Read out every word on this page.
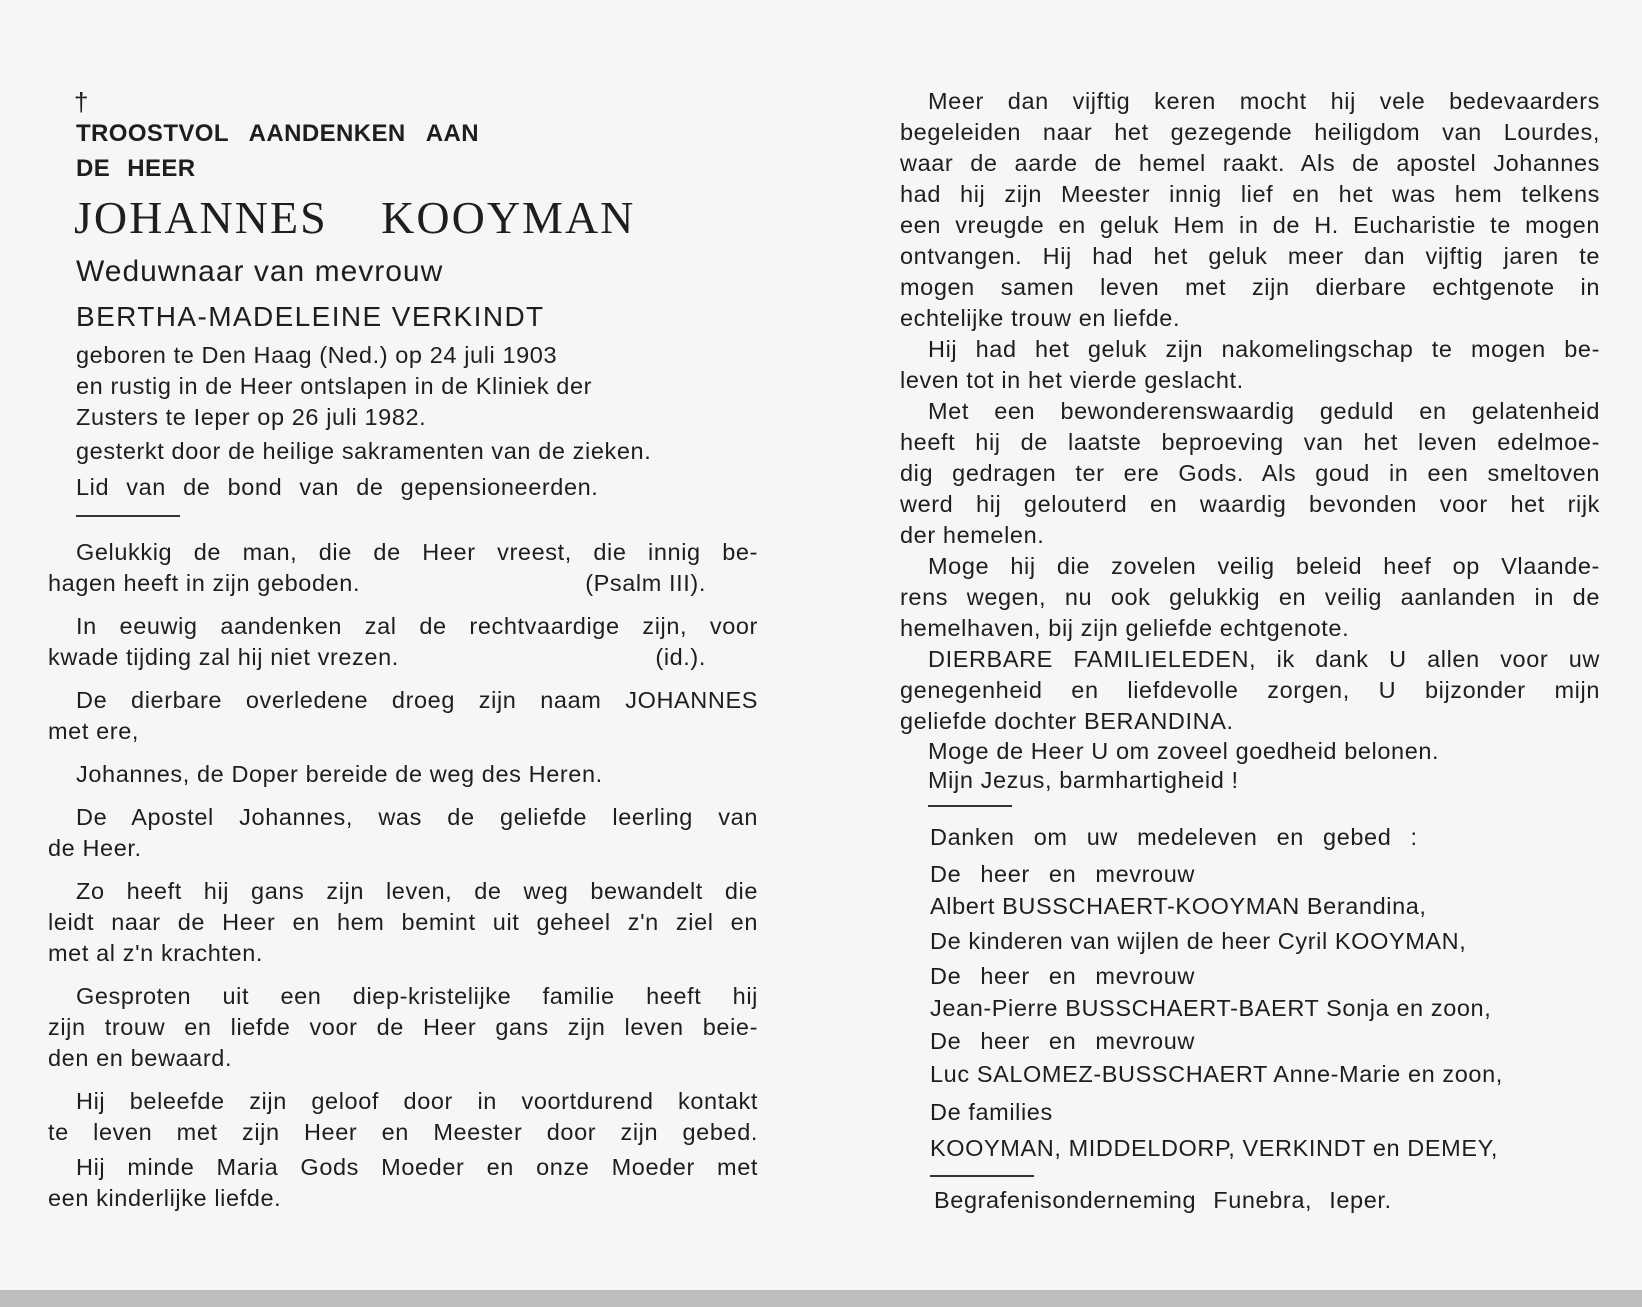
†
TROOSTVOL AANDENKEN AAN
DE HEER
JOHANNES KOOYMAN
Weduwnaar van mevrouw
BERTHA-MADELEINE VERKINDT
geboren te Den Haag (Ned.) op 24 juli 1903
en rustig in de Heer ontslapen in de Kliniek der
Zusters te Ieper op 26 juli 1982.
gesterkt door de heilige sakramenten van de zieken.
Lid van de bond van de gepensioneerden.
Gelukkig de man, die de Heer vreest, die innig be-
hagen heeft in zijn geboden.	(Psalm III).
In eeuwig aandenken zal de rechtvaardige zijn, voor
kwade tijding zal hij niet vrezen.	(id.).
De dierbare overledene droeg zijn naam JOHANNES
met ere,
Johannes, de Doper bereide de weg des Heren.
De Apostel Johannes, was de geliefde leerling van
de Heer.
Zo heeft hij gans zijn leven, de weg bewandelt die
leidt naar de Heer en hem bemint uit geheel z'n ziel en
met al z'n krachten.
Gesproten uit een diep-kristelijke familie heeft hij
zijn trouw en liefde voor de Heer gans zijn leven beie-
den en bewaard.
Hij beleefde zijn geloof door in voortdurend kontakt
te leven met zijn Heer en Meester door zijn gebed.
Hij minde Maria Gods Moeder en onze Moeder met
een kinderlijke liefde.
Meer dan vijftig keren mocht hij vele bedevaarders
begeleiden naar het gezegende heiligdom van Lourdes,
waar de aarde de hemel raakt. Als de apostel Johannes
had hij zijn Meester innig lief en het was hem telkens
een vreugde en geluk Hem in de H. Eucharistie te mogen
ontvangen. Hij had het geluk meer dan vijftig jaren te
mogen samen leven met zijn dierbare echtgenote in
echtelijke trouw en liefde.
Hij had het geluk zijn nakomelingschap te mogen be-
leven tot in het vierde geslacht.
Met een bewonderenswaardig geduld en gelatenheid
heeft hij de laatste beproeving van het leven edelmoe-
dig gedragen ter ere Gods. Als goud in een smeltoven
werd hij gelouterd en waardig bevonden voor het rijk
der hemelen.
Moge hij die zovelen veilig beleid heef op Vlaande-
rens wegen, nu ook gelukkig en veilig aanlanden in de
hemelhaven, bij zijn geliefde echtgenote.
DIERBARE FAMILIELEDEN, ik dank U allen voor uw
genegenheid en liefdevolle zorgen, U bijzonder mijn
geliefde dochter BERANDINA.
Moge de Heer U om zoveel goedheid belonen.
Mijn Jezus, barmhartigheid !
Danken om uw medeleven en gebed :
De heer en mevrouw
Albert BUSSCHAERT-KOOYMAN Berandina,
De kinderen van wijlen de heer Cyril KOOYMAN,
De heer en mevrouw
Jean-Pierre BUSSCHAERT-BAERT Sonja en zoon,
De heer en mevrouw
Luc SALOMEZ-BUSSCHAERT Anne-Marie en zoon,
De families
KOOYMAN, MIDDELDORP, VERKINDT en DEMEY,
Begrafenisonderneming Funebra, Ieper.
